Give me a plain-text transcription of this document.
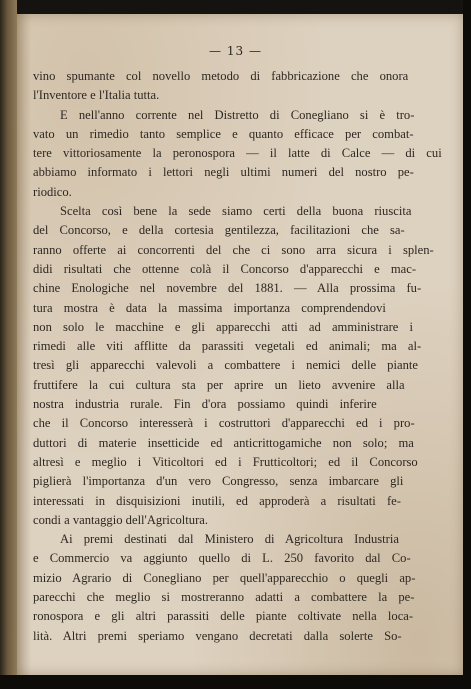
— 13 —
vino spumante col novello metodo di fabbricazione che onora
l'Inventore e l'Italia tutta.
E nell'anno corrente nel Distretto di Conegliano si è tro-
vato un rimedio tanto semplice e quanto efficace per combat-
tere vittoriosamente la peronospora — il latte di Calce — di cui
abbiamo informato i lettori negli ultimi numeri del nostro pe-
riodico.
Scelta così bene la sede siamo certi della buona riuscita
del Concorso, e della cortesia gentilezza, facilitazioni che sa-
ranno offerte ai concorrenti del che ci sono arra sicura i splen-
didi risultati che ottenne colà il Concorso d'apparecchi e mac-
chine Enologiche nel novembre del 1881. — Alla prossima fu-
tura mostra è data la massima importanza comprendendovi
non solo le macchine e gli apparecchi atti ad amministrare i
rimedi alle viti afflitte da parassiti vegetali ed animali; ma al-
tresì gli apparecchi valevoli a combattere i nemici delle piante
fruttifere la cui cultura sta per aprire un lieto avvenire alla
nostra industria rurale. Fin d'ora possiamo quindi inferire
che il Concorso interesserà i costruttori d'apparecchi ed i pro-
duttori di materie insetticide ed anticrittogamiche non solo; ma
altresì e meglio i Viticoltori ed i Frutticoltori; ed il Concorso
piglierà l'importanza d'un vero Congresso, senza imbarcare gli
interessati in disquisizioni inutili, ed approderà a risultati fe-
condi a vantaggio dell'Agricoltura.
Ai premi destinati dal Ministero di Agricoltura Industria
e Commercio va aggiunto quello di L. 250 favorito dal Co-
mizio Agrario di Conegliano per quell'apparecchio o quegli ap-
parecchi che meglio si mostreranno adatti a combattere la pe-
ronospora e gli altri parassiti delle piante coltivate nella loca-
lità. Altri premi speriamo vengano decretati dalla solerte So-
